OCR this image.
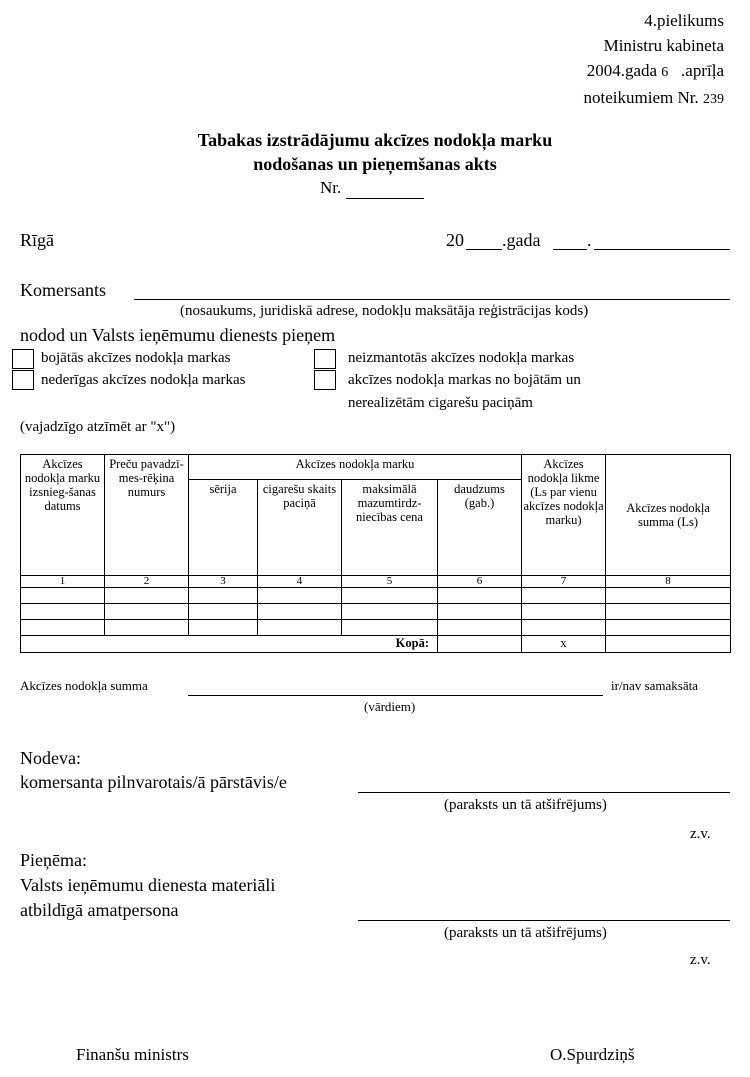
4.pielikums
Ministru kabineta
2004.gada 6 .aprīļa
noteikumiem Nr. 239
Tabakas izstrādājumu akcīzes nodokļa marku
nodošanas un pieņemšanas akts
Nr.
Rīgā	20 .gada	.
Komersants
(nosaukums, juridiskā adrese, nodokļu maksātāja reģistrācijas kods)
nodod un Valsts ieņēmumu dienests pieņem
bojātās akcīzes nodokļa markas
nederīgas akcīzes nodokļa markas
neizmantotās akcīzes nodokļa markas
akcīzes nodokļa markas no bojātām un
nerealizētām cigarešu paciņām
(vajadzīgo atzīmēt ar "x")
Akcīzes nodokļa marku izsnieg-šanas datums	Preču pavadzī-mes-rēķina numurs	Akcīzes nodokļa marku				Akcīzes nodokļa likme (Ls par vienu akcīzes nodokļa marku)	Akcīzes nodokļa summa (Ls)
		sērija	cigarešu skaits paciņā	maksimālā mazumtirdz-niecības cena	daudzums (gab.)		
1	2	3	4	5	6	7	8

Kopā:						x	
Akcīzes nodokļa summa	ir/nav samaksāta
(vārdiem)
Nodeva:
komersanta pilnvarotais/ā pārstāvis/e
(paraksts un tā atšifrējums)
z.v.
Pieņēma:
Valsts ieņēmumu dienesta materiāli
atbildīgā amatpersona
(paraksts un tā atšifrējums)
z.v.
Finanšu ministrs	O.Spurdziņš
